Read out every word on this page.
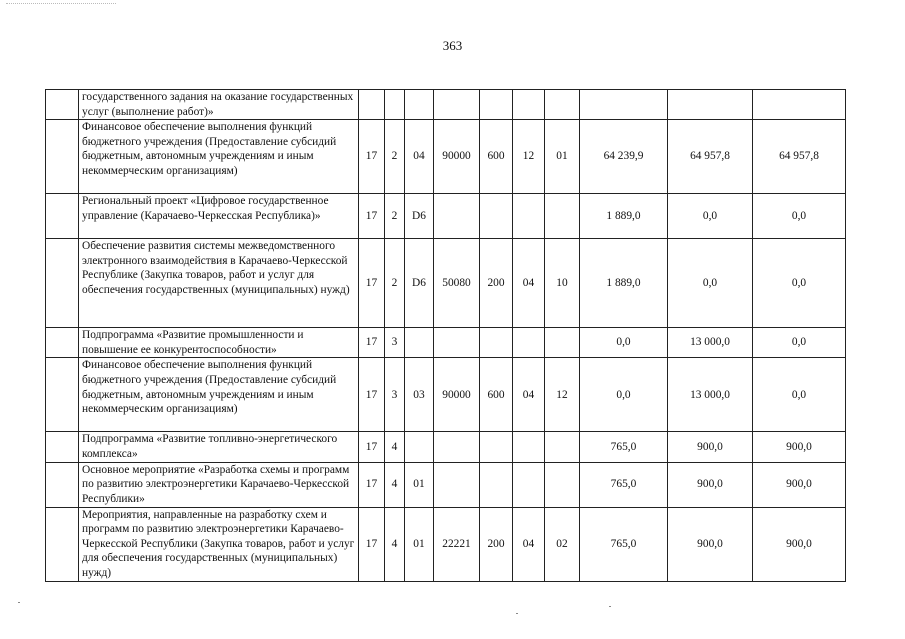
363
	государственного задания на оказание государственных услуг (выполнение работ)»										
	Финансовое обеспечение выполнения функций бюджетного учреждения (Предоставление субсидий бюджетным, автономным учреждениям и иным некоммерческим организациям)	17	2	04	90000	600	12	01	64 239,9	64 957,8	64 957,8
	Региональный проект «Цифровое государственное управление (Карачаево-Черкесская Республика)»	17	2	D6					1 889,0	0,0	0,0
	Обеспечение развития системы межведомственного электронного взаимодействия в Карачаево-Черкесской Республике (Закупка товаров, работ и услуг для обеспечения государственных (муниципальных) нужд)	17	2	D6	50080	200	04	10	1 889,0	0,0	0,0
	Подпрограмма «Развитие промышленности и повышение ее конкурентоспособности»	17	3						0,0	13 000,0	0,0
	Финансовое обеспечение выполнения функций бюджетного учреждения (Предоставление субсидий бюджетным, автономным учреждениям и иным некоммерческим организациям)	17	3	03	90000	600	04	12	0,0	13 000,0	0,0
	Подпрограмма «Развитие топливно-энергетического комплекса»	17	4						765,0	900,0	900,0
	Основное мероприятие «Разработка схемы и программ по развитию электроэнергетики Карачаево-Черкесской Республики»	17	4	01					765,0	900,0	900,0
	Мероприятия, направленные на разработку схем и программ по развитию электроэнергетики Карачаево-Черкесской Республики (Закупка товаров, работ и услуг для обеспечения государственных (муниципальных) нужд)	17	4	01	22221	200	04	02	765,0	900,0	900,0
